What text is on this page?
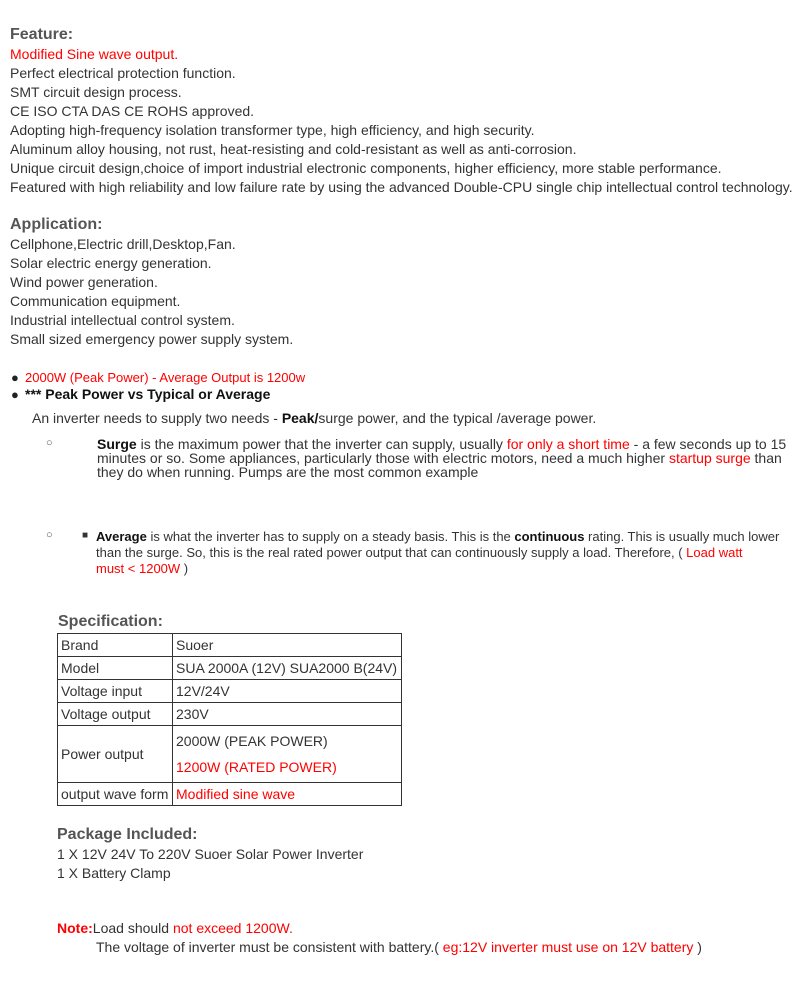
Feature:
Modified Sine wave output.
Perfect electrical protection function.
SMT circuit design process.
CE ISO CTA DAS CE ROHS approved.
Adopting high-frequency isolation transformer type, high efficiency, and high security.
Aluminum alloy housing, not rust, heat-resisting and cold-resistant as well as anti-corrosion.
Unique circuit design,choice of import industrial electronic components, higher efficiency, more stable performance.
Featured with high reliability and low failure rate by using the advanced Double-CPU single chip intellectual control technology.
Application:
Cellphone,Electric drill,Desktop,Fan.
Solar electric energy generation.
Wind power generation.
Communication equipment.
Industrial intellectual control system.
Small sized emergency power supply system.
● 2000W (Peak Power) - Average Output is 1200w
● *** Peak Power vs Typical or Average
An inverter needs to supply two needs - Peak/surge power, and the typical /average power.
○	Surge is the maximum power that the inverter can supply, usually for only a short time - a few seconds up to 15
minutes or so. Some appliances, particularly those with electric motors, need a much higher startup surge than
they do when running. Pumps are the most common example
○	■ Average is what the inverter has to supply on a steady basis. This is the continuous rating. This is usually much lower
than the surge. So, this is the real rated power output that can continuously supply a load. Therefore, ( Load watt
must < 1200W )
Specification:
Brand	Suoer
Model	SUA 2000A (12V) SUA2000 B(24V)
Voltage input	12V/24V
Voltage output	230V
Power output	2000W (PEAK POWER)
1200W (RATED POWER)

output wave form	Modified sine wave
Package Included:
1 X 12V 24V To 220V Suoer Solar Power Inverter
1 X Battery Clamp
Note:Load should not exceed 1200W.
The voltage of inverter must be consistent with battery.( eg:12V inverter must use on 12V battery )
